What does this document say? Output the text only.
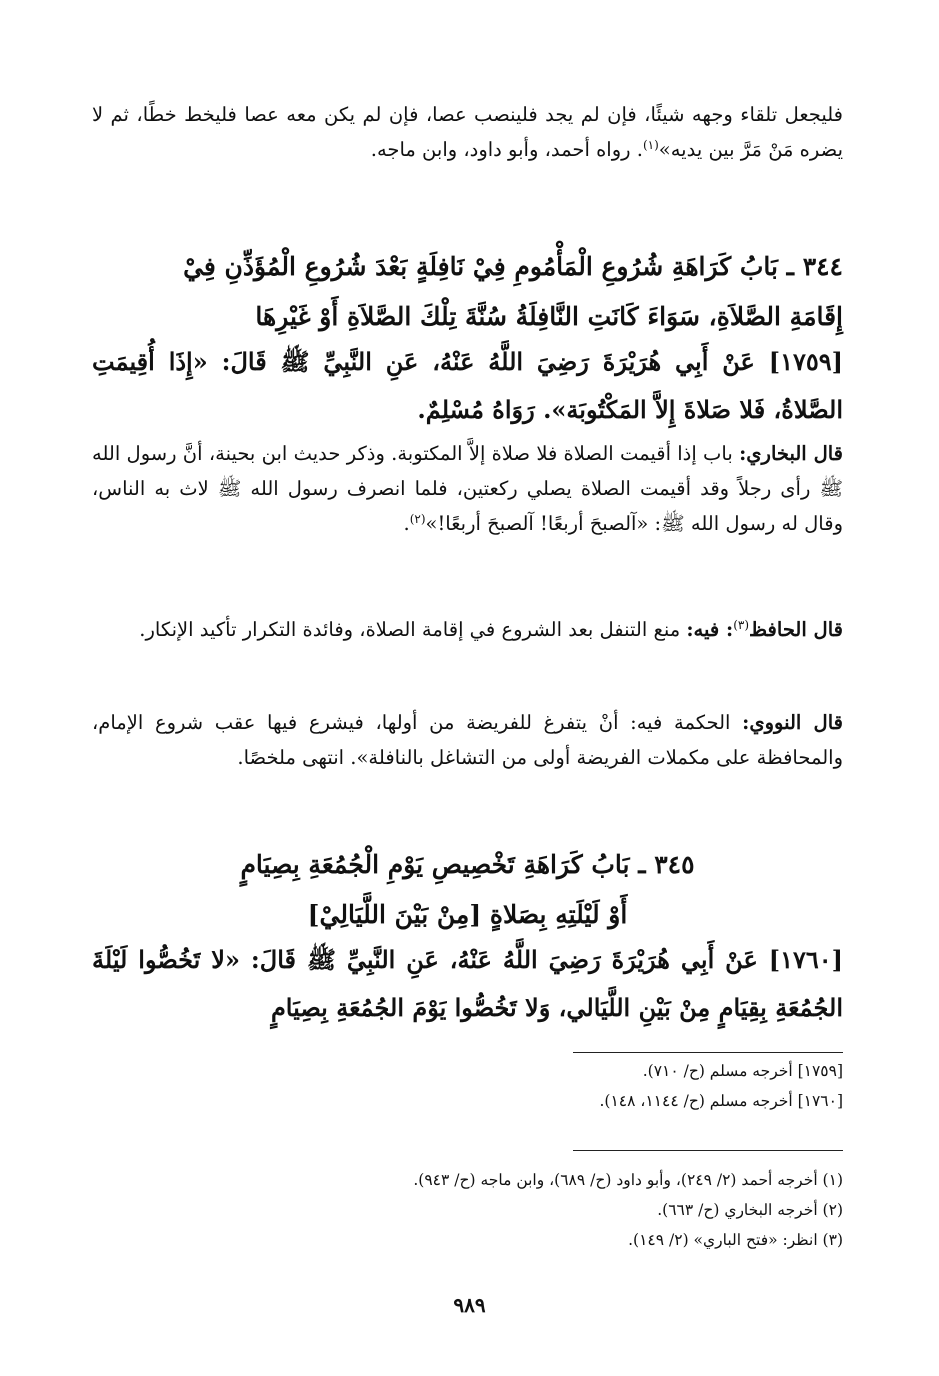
فليجعل تلقاء وجهه شيئًا، فإن لم يجد فلينصب عصا، فإن لم يكن معه عصا فليخط خطًا، ثم لا يضره مَنْ مَرَّ بين يديه»$^{(١)}$. رواه أحمد، وأبو داود، وابن ماجه.
٣٤٤ ـ بَابُ كَرَاهَةِ شُرُوعِ الْمَأْمُومِ فِيْ نَافِلَةٍ بَعْدَ شُرُوعِ الْمُؤَذِّنِ فِيْ
إِقَامَةِ الصَّلاَةِ، سَوَاءَ كَانَتِ النَّافِلَةُ سُنَّةَ تِلْكَ الصَّلاَةِ أَوْ غَيْرِهَا
[١٧٥٩] عَنْ أَبِي هُرَيْرَةَ رَضِيَ اللَّهُ عَنْهُ، عَنِ النَّبِيِّ ﷺ قَالَ: «إِذَا أُقِيمَتِ الصَّلاةُ، فَلا صَلاةَ إِلاَّ المَكْتُوبَة». رَوَاهُ مُسْلِمٌ.
قال البخاري: باب إذا أقيمت الصلاة فلا صلاة إلاَّ المكتوبة. وذكر حديث ابن بحينة، أنَّ رسول الله ﷺ رأى رجلاً وقد أقيمت الصلاة يصلي ركعتين، فلما انصرف رسول الله ﷺ لاث به الناس، وقال له رسول الله ﷺ: «آلصبحَ أربعًا! آلصبحَ أربعًا!»$^{(٢)}$.
قال الحافظ$^{(٣)}$: فيه: منع التنفل بعد الشروع في إقامة الصلاة، وفائدة التكرار تأكيد الإنكار.
قال النووي: الحكمة فيه: أنْ يتفرغ للفريضة من أولها، فيشرع فيها عقب شروع الإمام، والمحافظة على مكملات الفريضة أولى من التشاغل بالنافلة». انتهى ملخصًا.
٣٤٥ ـ بَابُ كَرَاهَةِ تَخْصِيصِ يَوْمِ الْجُمُعَةِ بِصِيَامٍ
أَوْ لَيْلَتِهِ بِصَلاةٍ [مِنْ بَيْنَ اللَّيَالِيْ]
[١٧٦٠] عَنْ أَبِي هُرَيْرَةَ رَضِيَ اللَّهُ عَنْهُ، عَنِ النَّبِيِّ ﷺ قَالَ: «لا تَخُصُّوا لَيْلَةَ الجُمُعَةِ بِقِيَامٍ مِنْ بَيْنِ اللَّيَالي، وَلا تَخُصُّوا يَوْمَ الجُمُعَةِ بِصِيَامٍ
[١٧٥٩] أخرجه مسلم (ح/ ٧١٠).
[١٧٦٠] أخرجه مسلم (ح/ ١١٤٤، ١٤٨).
(١) أخرجه أحمد (٢/ ٢٤٩)، وأبو داود (ح/ ٦٨٩)، وابن ماجه (ح/ ٩٤٣).
(٢) أخرجه البخاري (ح/ ٦٦٣).
(٣) انظر: «فتح الباري» (٢/ ١٤٩).
٩٨٩
